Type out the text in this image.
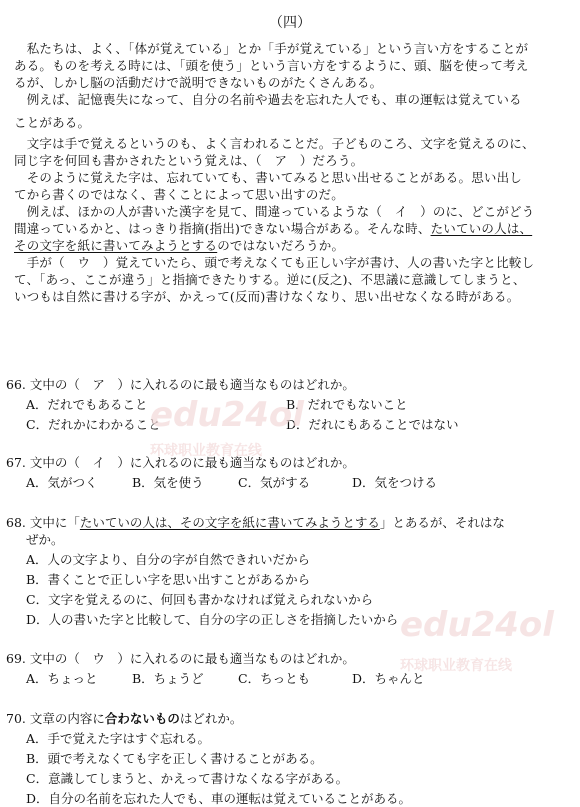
（四）

　私たちは、よく、「体が覚えている」とか「手が覚えている」という言い方をすることが

ある。ものを考える時には、「頭を使う」という言い方をするように、頭、脳を使って考え

るが、しかし脳の活動だけで説明できないものがたくさんある。

　例えば、記憶喪失になって、自分の名前や過去を忘れた人でも、車の運転は覚えている

ことがある。

　文字は手で覚えるというのも、よく言われることだ。子どものころ、文字を覚えるのに、

同じ字を何回も書かされたという覚えは、（　ア　）だろう。

　そのように覚えた字は、忘れていても、書いてみると思い出せることがある。思い出し

てから書くのではなく、書くことによって思い出すのだ。

　例えば、ほかの人が書いた漢字を見て、間違っているような（　イ　）のに、どこがどう

間違っているかと、はっきり指摘(指出)できない場合がある。そんな時、たいていの人は、

その文字を紙に書いてみようとするのではないだろうか。

　手が（　ウ　）覚えていたら、頭で考えなくても正しい字が書け、人の書いた字と比較し

て、「あっ、ここが違う」と指摘できたりする。逆に(反之)、不思議に意識してしまうと、

いつもは自然に書ける字が、かえって(反而)書けなくなり、思い出せなくなる時がある。

66. 文中の（　ア　）に入れるのに最も適当なものはどれか。
A．だれでもあること	B．だれでもないこと
C．だれかにわかること	D．だれにもあることではない
67. 文中の（　イ　）に入れるのに最も適当なものはどれか。
A．気がつく	B．気を使う	C．気がする	D．気をつける
68. 文中に「たいていの人は、その文字を紙に書いてみようとする」とあるが、それはな
ぜか。
A．人の文字より、自分の字が自然できれいだから
B．書くことで正しい字を思い出すことがあるから
C．文字を覚えるのに、何回も書かなければ覚えられないから
D．人の書いた字と比較して、自分の字の正しさを指摘したいから
69. 文中の（　ウ　）に入れるのに最も適当なものはどれか。
A．ちょっと	B．ちょうど	C．ちっとも	D．ちゃんと
70. 文章の内容に合わないものはどれか。
A．手で覚えた字はすぐ忘れる。
B．頭で考えなくても字を正しく書けることがある。
C．意識してしまうと、かえって書けなくなる字がある。
D．自分の名前を忘れた人でも、車の運転は覚えていることがある。
edu24ol
环球职业教育在线
edu24ol
环球职业教育在线
